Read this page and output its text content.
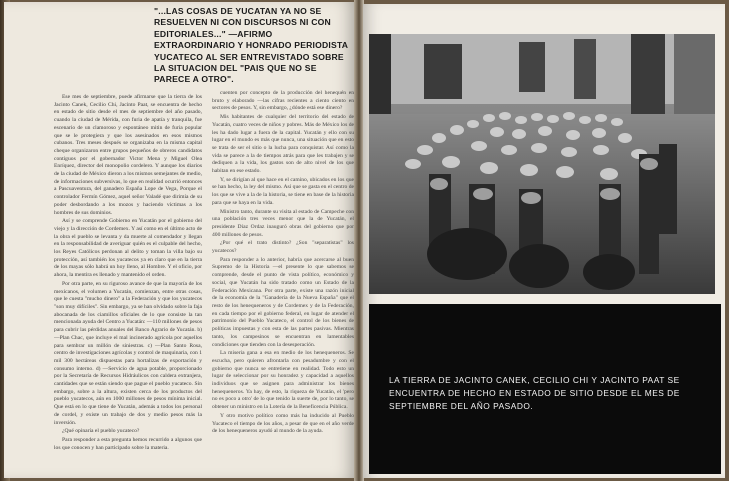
"...LAS COSAS DE YUCATAN YA NO SE RESUELVEN NI CON DISCURSOS NI CON EDITORIALES..." —AFIRMO EXTRAORDINARIO Y HONRADO PERIODISTA YUCATECO AL SER ENTREVISTADO SOBRE LA SITUACION DEL "PAIS QUE NO SE PARECE A OTRO".

Ese mes de septiembre, puede afirmarse que la tierra de los Jacinto Canek, Cecilio Chi, Jacinto Paat, se encuentra de hecho en estado de sitio desde el mes de septiembre del año pasado, cuando la ciudad de Mérida, con furia de apatía y tranquila, fue escenario de un clamoroso y espontáneo mitin de furia popular que se le protegiera y que los asesinados en esos mismos cubanos. Tres meses después se organizaba en la misma capital cheque organizaron entre grupos pequeños de obreros candidatos contiguos por el gobernador Victor Mena y Miguel Olea Enríquez, director del monopolio cordelero. Y aunque los diarios de la ciudad de México dieron a los mismos semejantes de medio, de informaciones subversivas, lo que en realidad ocurrió entonces a Pascuaventura, del ganadero España Lope de Vega, Porque el controlador Fermín Gómez, aquel señor Valadé que dirimía de su poder desbordando a los mozos y haciendo víctimas a los hombres de sus dominios.

Así y se comprende Gobierno en Yucatán por el gobierno del viejo y la dirección de Cordemex. Y así como en el último acto de la obra el pueblo se levanta y da muerte al comendador y llegan en la responsabilidad de averiguar quién es el culpable del hecho, los Reyes Católicos perdonan al delito y toman la villa bajo su protección, así también los yucatecos ya en claro que en la tierra de los mayas sólo habrá un hoy lleno, al Hombre. Y el oficio, por ahora, la mentira es llenado y mantenido el orden.

Por otra parte, en su riguroso avance de que la mayoría de los mexicanos, el volumen a Yucatán, comienzan, entre otras cosas, que le cuesta "mucho dinero" a la Federación y que los yucatecos "son muy difíciles". Sin embargo, ya se han olvidado sobre la faja abocanada de los ciamillos oficiales de lo que consiste la tan mencionada ayuda del Centro a Yucatán: —110 millones de pesos para cubrir las pérdidas anuales del Banco Agrario de Yucatán. b) —Plan Chac, que incluye el mal incinerado agrícola por aquellos para sembrar un millón de siniestras. c) —Plan Santo Rosa, centro de investigaciones agrícolas y control de maquinaria, con 1 mil 300 hectáreas dispuestas para hortalizas de exportación y consumo interno. d) —Servicio de agua potable, proporcionado por la Secretaría de Recursos Hidráulicos con caldera extranjera, cantidades que se están siendo que pague el pueblo yucateco. Sin embargo, sobre a la altura, existen cerca de los productos del pueblo yucatecos, aún en 1000 millones de pesos mínima inicial. Que está en lo que tiene de Yucatán, además a todos los personal de cordel, y existe un trabajo de dos y medio pesos más la inversión.

¿Qué opinaría el pueblo yucateco?

Para responder a esta pregunta hemos recurrido a algunos que los que conocen y han participado sobre la materia.

cuenten por concepto de la producción del henequén en bruto y elaborado —las cifras recientes a ciento ciento en sectores de pesos. Y, sin embargo, ¿dónde está ese dinero?

Mis habitantes de cualquier del territorio del estado de Yucatán, cuatro veces de niños y pobres. Más de México los de les ha dado lugar a fuera de la capital. Yucatán y ello con su lugar en el mundo es más que nunca, una situación que en esto se trata de ser el sitio o la lucha para conquistar. Así como la vida se parece a la de tiempos atrás para que les trabajen y se dediquen a la vida, los gastos son de alto nivel de los que habitan en ese estado.

Y, se dirigían al que hace en el camino, ubicados en los que se han hecho, la ley del mismo. Así que se gasta en el centro de los que se vive a la de la historia, se tiene en base de la historia para que se haya en la vida.

Ministro tanto, durante su visita al estado de Campeche con una población tres veces menor que la de Yucatán, el presidente Díaz Ordaz inauguró obras del gobierno que por 400 millones de pesos.

¿Por qué el trato distinto? ¿Son "separatistas" los yucatecos?

Para responder a lo anterior, habría que acercarse al buen Supremo de la Historia —el presente lo que sabemos se comprende, desde el punto de vista político, económico y social, que Yucatán ha sido tratado como un Estado de la Federación Mexicana. Por otra parte, existe una razón inicial de la economía de la "Ganadería de la Nueva España" que el resto de los henequeneros y de Cordemex y de la Federación, en cada tiempo por el gobierno federal, en lugar de atender el patrimonio del Pueblo Yucateco, el control de los bienes de políticas impuestas y con esta de las partes pasivas. Mientras tanto, los campesinos se encuentran en lamentables condiciones que tienden con la desesperación.

La miseria gana a esa en medio de los henequeneros. Se escucha, pero quieren afrontarla con pesadumbre y con el gobierno que nunca se entretiene en realidad. Todo esto un lugar de seleccionar por su honradez y capacidad a aquellos individuos que se asignen para administrar los bienes henequeneros. Ya hay, de esto, la riqueza de Yucatán, el 'pero no es poco a otro' de lo que tenido la suerte de, por lo tanto, se obtener un ministro en la Lotería de la Beneficencia Pública.

Y otro motivo político como más ha inducido al Pueblo Yucateco el tiempo de los años, a pesar de que en el año verde de los henequeneros ayudó al mundo de la ayuda.

LA TIERRA DE JACINTO CANEK, CECILIO CHI Y JACINTO PAAT SE ENCUENTRA DE HECHO EN ESTADO DE SITIO DESDE EL MES DE SEPTIEMBRE DEL AÑO PASADO.
